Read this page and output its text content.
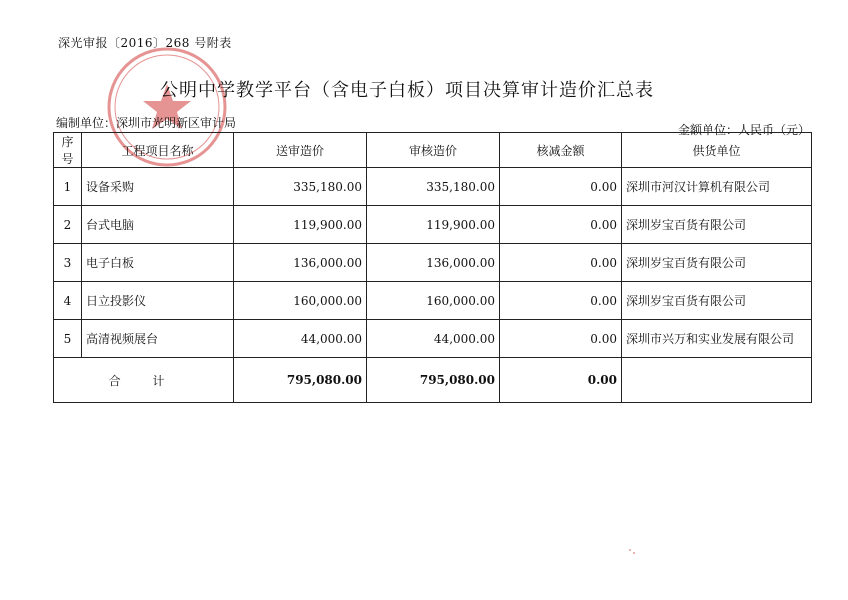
深光审报〔2016〕268 号附表
公明中学教学平台（含电子白板）项目决算审计造价汇总表
编制单位：深圳市光明新区审计局	金额单位：人民币（元）
序号	工程项目名称	送审造价	审核造价	核减金额	供货单位
1	设备采购	335,180.00	335,180.00	0.00	深圳市河汉计算机有限公司
2	台式电脑	119,900.00	119,900.00	0.00	深圳岁宝百货有限公司
3	电子白板	136,000.00	136,000.00	0.00	深圳岁宝百货有限公司
4	日立投影仪	160,000.00	160,000.00	0.00	深圳岁宝百货有限公司
5	高清视频展台	44,000.00	44,000.00	0.00	深圳市兴万和实业发展有限公司
合 计		795,080.00	795,080.00	0.00	
